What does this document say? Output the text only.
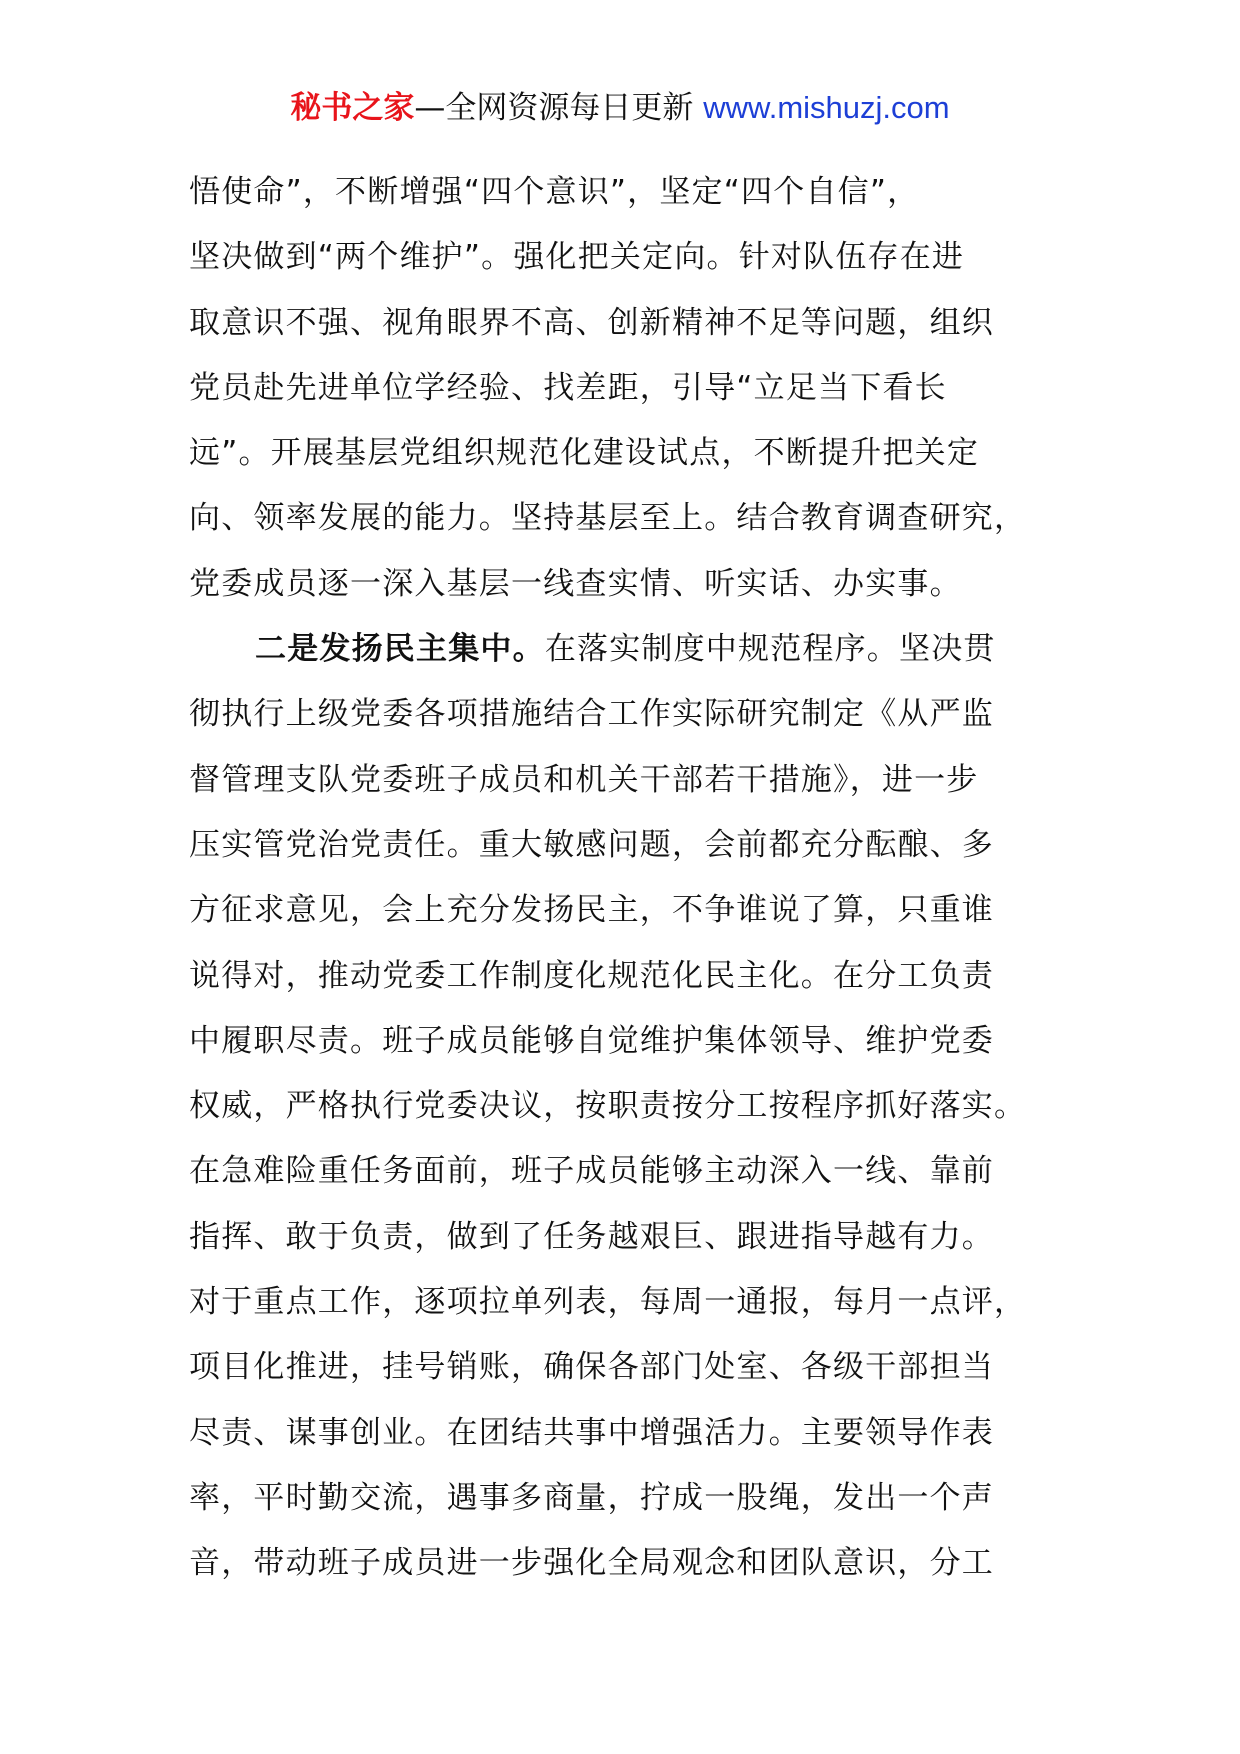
秘书之家—全网资源每日更新 www.mishuzj.com
悟使命”，不断增强“四个意识”，坚定“四个自信”，
坚决做到“两个维护”。强化把关定向。针对队伍存在进
取意识不强、视角眼界不高、创新精神不足等问题，组织
党员赴先进单位学经验、找差距，引导“立足当下看长
远”。开展基层党组织规范化建设试点，不断提升把关定
向、领率发展的能力。坚持基层至上。结合教育调查研究，
党委成员逐一深入基层一线查实情、听实话、办实事。
二是发扬民主集中。在落实制度中规范程序。坚决贯
彻执行上级党委各项措施结合工作实际研究制定《从严监
督管理支队党委班子成员和机关干部若干措施》，进一步
压实管党治党责任。重大敏感问题，会前都充分酝酿、多
方征求意见，会上充分发扬民主，不争谁说了算，只重谁
说得对，推动党委工作制度化规范化民主化。在分工负责
中履职尽责。班子成员能够自觉维护集体领导、维护党委
权威，严格执行党委决议，按职责按分工按程序抓好落实。
在急难险重任务面前，班子成员能够主动深入一线、靠前
指挥、敢于负责，做到了任务越艰巨、跟进指导越有力。
对于重点工作，逐项拉单列表，每周一通报，每月一点评，
项目化推进，挂号销账，确保各部门处室、各级干部担当
尽责、谋事创业。在团结共事中增强活力。主要领导作表
率，平时勤交流，遇事多商量，拧成一股绳，发出一个声
音，带动班子成员进一步强化全局观念和团队意识，分工
